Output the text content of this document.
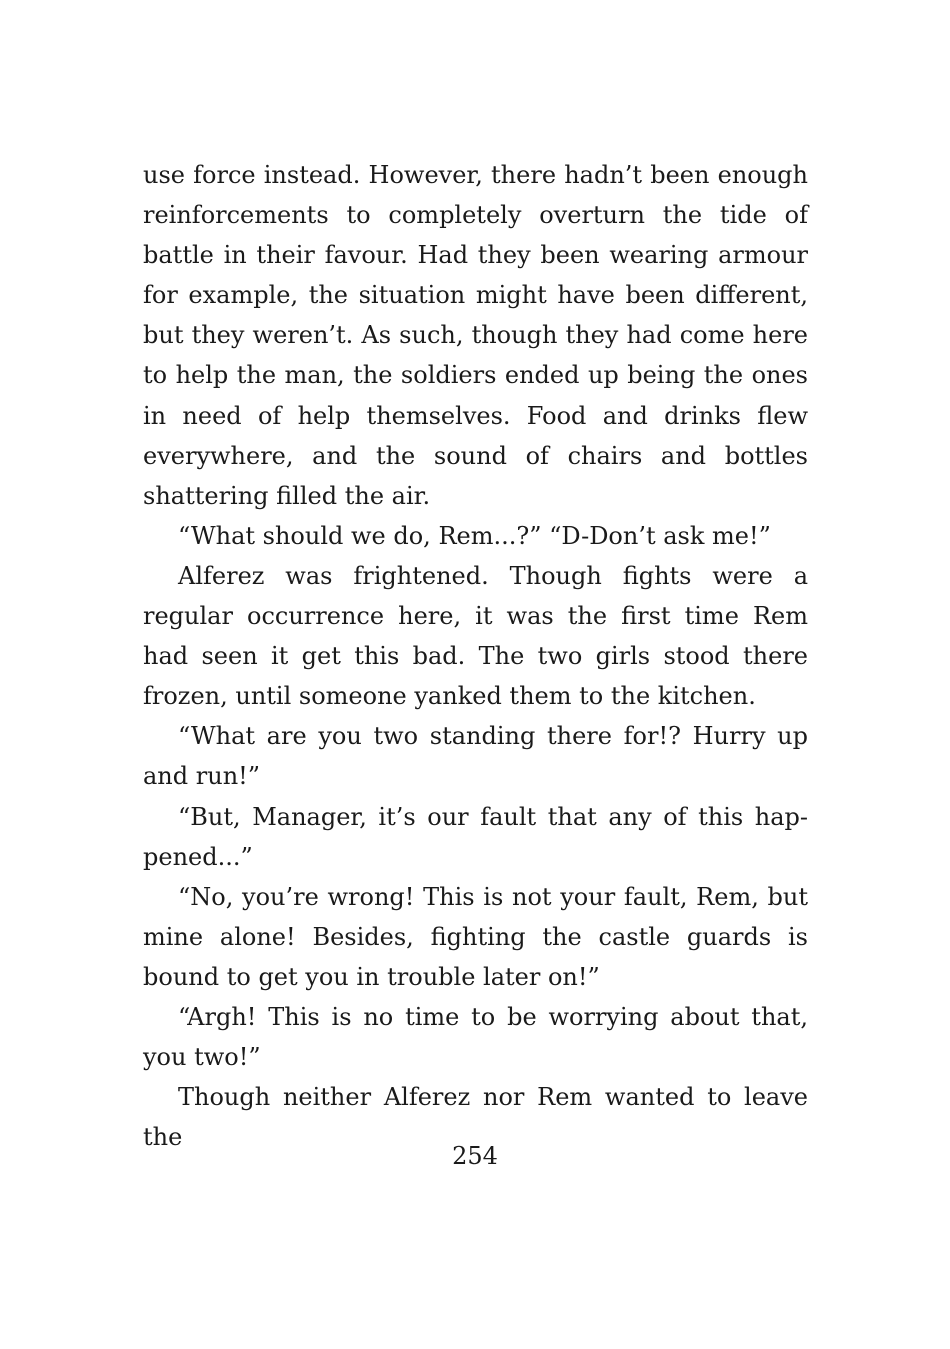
use force instead. However, there hadn’t been enough reinforcements to completely overturn the tide of battle in their favour. Had they been wearing armour for example, the situation might have been different, but they weren’t. As such, though they had come here to help the man, the soldiers ended up being the ones in need of help themselves. Food and drinks flew everywhere, and the sound of chairs and bottles shattering filled the air.

“What should we do, Rem...?” “D-Don’t ask me!”

Alferez was frightened. Though fights were a regular occurrence here, it was the first time Rem had seen it get this bad. The two girls stood there frozen, until someone yanked them to the kitchen.

“What are you two standing there for!? Hurry up and run!”

“But, Manager, it’s our fault that any of this happened...”

“No, you’re wrong! This is not your fault, Rem, but mine alone! Besides, fighting the castle guards is bound to get you in trouble later on!”

“Argh! This is no time to be worrying about that, you two!”

Though neither Alferez nor Rem wanted to leave the

254
